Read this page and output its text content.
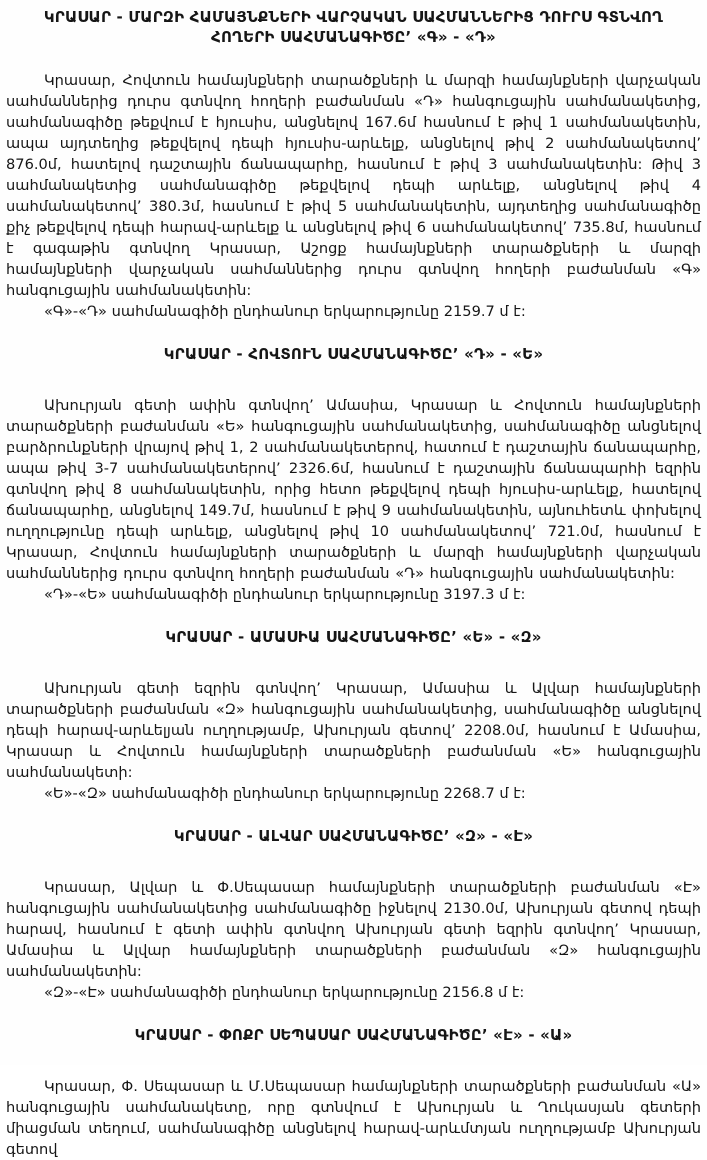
ԿՐԱՍԱՐ - ՄԱՐԶԻ ՀԱՄԱՅՆՔՆԵՐԻ ՎԱՐՉԱԿԱՆ ՍԱՀՄԱՆՆԵՐԻՑ ԴՈՒՐՍ ԳՏՆՎՈՂ ՀՈՂԵՐԻ ՍԱՀՄԱՆԱԳԻԾԸ’ «Գ» - «Դ»

Կրասար, Հովտուն համայնքների տարածքների և մարզի համայնքների վարչական սահմաններից դուրս գտնվող հողերի բաժանման «Դ» հանգուցային սահմանակետից, սահմանագիծը թեքվում է հյուսիս, անցնելով 167.6մ հասնում է թիվ 1 սահմանակետին, ապա այդտեղից թեքվելով դեպի հյուսիս-արևելք, անցնելով թիվ 2 սահմանակետով’ 876.0մ, հատելով դաշտային ճանապարհը, հասնում է թիվ 3 սահմանակետին: Թիվ 3 սահմանակետից սահմանագիծը թեքվելով դեպի արևելք, անցնելով թիվ 4 սահմանակետով’ 380.3մ, հասնում է թիվ 5 սահմանակետին, այդտեղից սահմանագիծը քիչ թեքվելով դեպի հարավ-արևելք և անցնելով թիվ 6 սահմանակետով’ 735.8մ, հասնում է գագաթին գտնվող Կրասար, Աշոցք համայնքների տարածքների և մարզի համայնքների վարչական սահմաններից դուրս գտնվող հողերի բաժանման «Գ» հանգուցային սահմանակետին:

«Գ»-«Դ» սահմանագիծի ընդհանուր երկարությունը 2159.7 մ է:

ԿՐԱՍԱՐ - ՀՈՎՏՈՒՆ ՍԱՀՄԱՆԱԳԻԾԸ’ «Դ» - «Ե»

Ախուրյան գետի ափին գտնվող’ Ամասիա, Կրասար և Հովտուն համայնքների տարածքների բաժանման «Ե» հանգուցային սահմանակետից, սահմանագիծը անցնելով բարձրունքների վրայով թիվ 1, 2 սահմանակետերով, հատում է դաշտային ճանապարհը, ապա թիվ 3-7 սահմանակետերով’ 2326.6մ, հասնում է դաշտային ճանապարհի եզրին գտնվող թիվ 8 սահմանակետին, որից հետո թեքվելով դեպի հյուսիս-արևելք, հատելով ճանապարհը, անցնելով 149.7մ, հասնում է թիվ 9 սահմանակետին, այնուհետև փոխելով ուղղությունը դեպի արևելք, անցնելով թիվ 10 սահմանակետով’ 721.0մ, հասնում է Կրասար, Հովտուն համայնքների տարածքների և մարզի համայնքների վարչական սահմաններից դուրս գտնվող հողերի բաժանման «Դ» հանգուցային սահմանակետին:

«Դ»-«Ե» սահմանագիծի ընդհանուր երկարությունը 3197.3 մ է:

ԿՐԱՍԱՐ - ԱՄԱՍԻԱ ՍԱՀՄԱՆԱԳԻԾԸ’ «Ե» - «Զ»

Ախուրյան գետի եզրին գտնվող’ Կրասար, Ամասիա և Ալվար համայնքների տարածքների բաժանման «Զ» հանգուցային սահմանակետից, սահմանագիծը անցնելով դեպի հարավ-արևելյան ուղղությամբ, Ախուրյան գետով’ 2208.0մ, հասնում է Ամասիա, Կրասար և Հովտուն համայնքների տարածքների բաժանման «Ե» հանգուցային սահմանակետի:

«Ե»-«Զ» սահմանագիծի ընդհանուր երկարությունը 2268.7 մ է:

ԿՐԱՍԱՐ - ԱԼՎԱՐ ՍԱՀՄԱՆԱԳԻԾԸ’ «Զ» - «Է»

Կրասար, Ալվար և Փ.Սեպասար համայնքների տարածքների բաժանման «Է» հանգուցային սահմանակետից սահմանագիծը իջնելով 2130.0մ, Ախուրյան գետով դեպի հարավ, հասնում է գետի ափին գտնվող Ախուրյան գետի եզրին գտնվող’ Կրասար, Ամասիա և Ալվար համայնքների տարածքների բաժանման «Զ» հանգուցային սահմանակետին:

«Զ»-«Է» սահմանագիծի ընդհանուր երկարությունը 2156.8 մ է:

ԿՐԱՍԱՐ - ՓՈՔՐ ՍԵՊԱՍԱՐ ՍԱՀՄԱՆԱԳԻԾԸ’ «Է» - «Ա»

Կրասար, Փ. Սեպասար և Մ.Սեպասար համայնքների տարածքների բաժանման «Ա» հանգուցային սահմանակետը, որը գտնվում է Ախուրյան և Ղուկասյան գետերի միացման տեղում, սահմանագիծը անցնելով հարավ-արևմտյան ուղղությամբ Ախուրյան գետով
